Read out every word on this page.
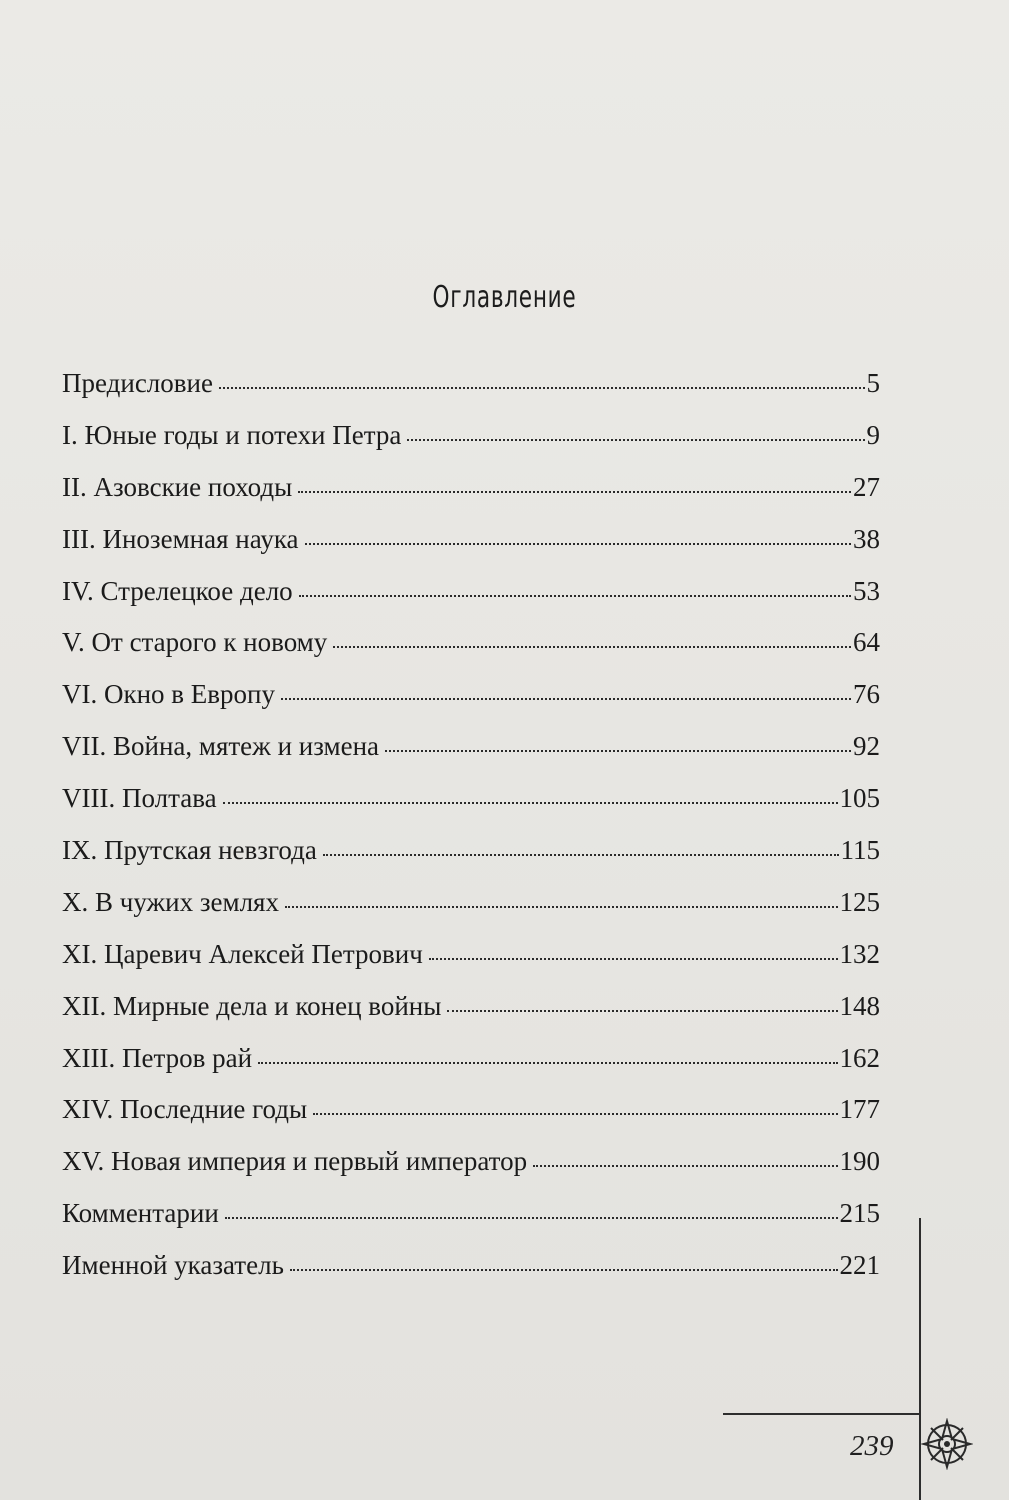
Оглавление
Предисловие	5
I. Юные годы и потехи Петра	9
II. Азовские походы	27
III. Иноземная наука	38
IV. Стрелецкое дело	53
V. От старого к новому	64
VI. Окно в Европу	76
VII. Война, мятеж и измена	92
VIII. Полтава	105
IX. Прутская невзгода	115
X. В чужих землях	125
XI. Царевич Алексей Петрович	132
XII. Мирные дела и конец войны	148
XIII. Петров рай	162
XIV. Последние годы	177
XV. Новая империя и первый император	190
Комментарии	215
Именной указатель	221
239
